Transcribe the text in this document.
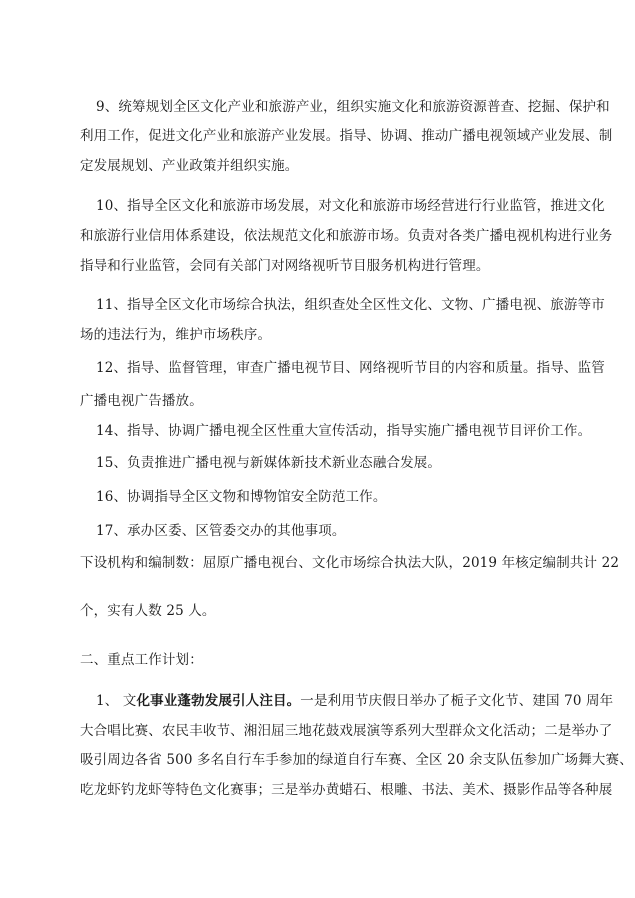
9、统筹规划全区文化产业和旅游产业，组织实施文化和旅游资源普查、挖掘、保护和
利用工作，促进文化产业和旅游产业发展。指导、协调、推动广播电视领域产业发展、制
定发展规划、产业政策并组织实施。
10、指导全区文化和旅游市场发展，对文化和旅游市场经营进行行业监管，推进文化
和旅游行业信用体系建设，依法规范文化和旅游市场。负责对各类广播电视机构进行业务
指导和行业监管，会同有关部门对网络视听节目服务机构进行管理。
11、指导全区文化市场综合执法，组织查处全区性文化、文物、广播电视、旅游等市
场的违法行为，维护市场秩序。
12、指导、监督管理，审查广播电视节目、网络视听节目的内容和质量。指导、监管
广播电视广告播放。
14、指导、协调广播电视全区性重大宣传活动，指导实施广播电视节目评价工作。
15、负责推进广播电视与新媒体新技术新业态融合发展。
16、协调指导全区文物和博物馆安全防范工作。
17、承办区委、区管委交办的其他事项。
下设机构和编制数：屈原广播电视台、文化市场综合执法大队，2019 年核定编制共计 22
个，实有人数 25 人。
二、重点工作计划：
1、 文化事业蓬勃发展引人注目。一是利用节庆假日举办了栀子文化节、建国 70 周年
大合唱比赛、农民丰收节、湘汨屈三地花鼓戏展演等系列大型群众文化活动；二是举办了
吸引周边各省 500 多名自行车手参加的绿道自行车赛、全区 20 余支队伍参加广场舞大赛、
吃龙虾钓龙虾等特色文化赛事；三是举办黄蜡石、根雕、书法、美术、摄影作品等各种展
